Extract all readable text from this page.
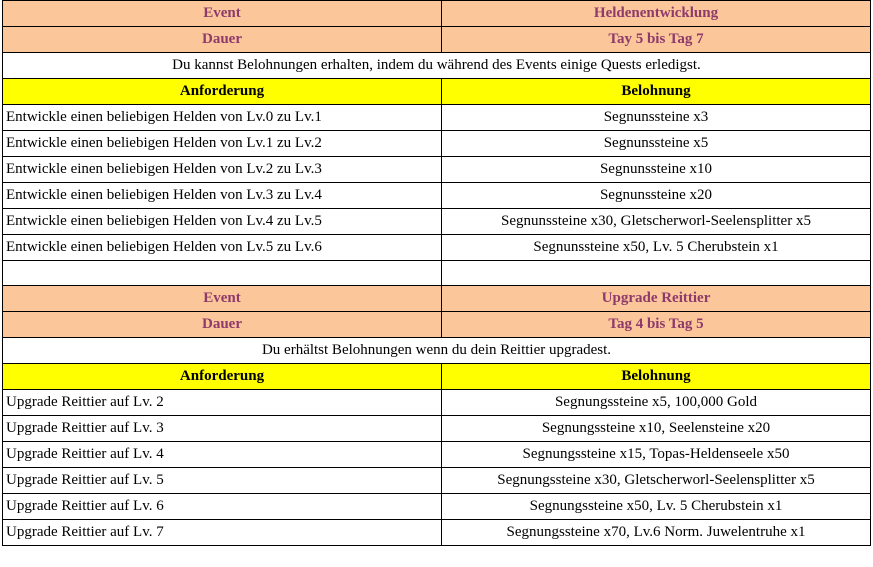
Event	Heldenentwicklung
Dauer	Tay 5 bis Tag 7
Du kannst Belohnungen erhalten, indem du während des Events einige Quests erledigst.	
Anforderung	Belohnung
Entwickle einen beliebigen Helden von Lv.0 zu Lv.1	Segnunssteine x3
Entwickle einen beliebigen Helden von Lv.1 zu Lv.2	Segnunssteine x5
Entwickle einen beliebigen Helden von Lv.2 zu Lv.3	Segnunssteine x10
Entwickle einen beliebigen Helden von Lv.3 zu Lv.4	Segnunssteine x20
Entwickle einen beliebigen Helden von Lv.4 zu Lv.5	Segnunssteine x30, Gletscherworl-Seelensplitter x5
Entwickle einen beliebigen Helden von Lv.5 zu Lv.6	Segnunssteine x50, Lv. 5 Cherubstein x1

Event	Upgrade Reittier
Dauer	Tag 4 bis Tag 5
Du erhältst Belohnungen wenn du dein Reittier upgradest.	
Anforderung	Belohnung
Upgrade Reittier auf Lv. 2	Segnungssteine x5, 100,000 Gold
Upgrade Reittier auf Lv. 3	Segnungssteine x10, Seelensteine x20
Upgrade Reittier auf Lv. 4	Segnungssteine x15, Topas-Heldenseele x50
Upgrade Reittier auf Lv. 5	Segnungssteine x30, Gletscherworl-Seelensplitter x5
Upgrade Reittier auf Lv. 6	Segnungssteine x50, Lv. 5 Cherubstein x1
Upgrade Reittier auf Lv. 7	Segnungssteine x70, Lv.6 Norm. Juwelentruhe x1
